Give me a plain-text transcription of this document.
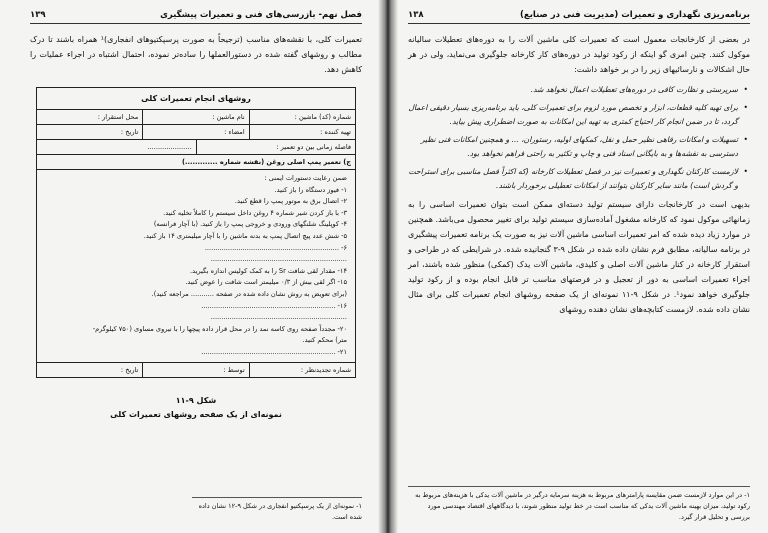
فصل نهم- بازرسی‌های فنی و تعمیرات پیشگیری
۱۳۹

تعمیرات کلی، با نقشه‌های مناسب (ترجیحاً به صورت پرسپکتیوهای انفجاری)¹ همراه باشند تا درک مطالب و روشهای گفته شده در دستورالعملها را ساده‌تر نموده، احتمال اشتباه در اجراء عملیات را کاهش دهد.

روشهای انجام تعمیرات کلی
شماره (کد) ماشین :
نام ماشین :
محل استقرار :
تهیه کننده :
امضاء :
تاریخ :
فاصله زمانی بین دو تعمیر :
.....................
ج) تعمیر پمپ اصلی روغن (نقشه شماره .............)
ضمن رعایت دستورات ایمنی :
۱- فیوز دستگاه را باز کنید.
۲- اتصال برق به موتور پمپ را قطع کنید.
۳- با باز کردن شیر شماره ۴ روغن داخل سیستم را کاملاً تخلیه کنید.
۴- کوپلینگ شلنگهای ورودی و خروجی پمپ را باز کنید. (با آچار فرانسه)
۵- شش عدد پیچ اتصال پمپ به بدنه ماشین را با آچار میلیمتری ۱۴ باز کنید.
۶- ................................................................
.................................................................
۱۴- مقدار لقی شافت Sr را به کمک کولیس اندازه بگیرید.
۱۵- اگر لقی بیش از ۰/۳ میلیمتر است شافت را عوض کنید.
(برای تعویض به روش نشان داده شده در صفحه ........... مراجعه کنید).
۱۶- ................................................................
.................................................................
۲۰- مجدداً صفحه روی کاسه نمد را در محل قرار داده پیچها را با نیروی مساوی (۷۵۰ کیلوگرم-
متر) محکم کنید.
۲۱- ................................................................
شماره تجدیدنظر :
توسط :
تاریخ :
شکل ۹-۱۱
نمونه‌ای از یک صفحه روشهای تعمیرات کلی
۱- نمونه‌ای از یک پرسپکتیو انفجاری در شکل ۹-۱۲ نشان داده شده است.
برنامه‌ریزی نگهداری و تعمیرات (مدیریت فنی در صنایع)
۱۳۸

در بعضی از کارخانجات معمول است که تعمیرات کلی ماشین آلات را به دوره‌های تعطیلات سالیانه موکول کنند. چنین امری گو اینکه از رکود تولید در دوره‌های کار کارخانه جلوگیری می‌نماید، ولی در هر حال اشکالات و نارسائیهای زیر را در بر خواهد داشت:

• سرپرستی و نظارت کافی در دوره‌های تعطیلات اعمال نخواهد شد.
• برای تهیه کلیه قطعات، ابزار و تخصص مورد لزوم برای تعمیرات کلی، باید برنامه‌ریزی بسیار دقیقی اعمال گردد، تا در ضمن انجام کار احتیاج کمتری به تهیه این امکانات به صورت اضطراری پیش بیاید.
• تسهیلات و امکانات رفاهی نظیر حمل و نقل، کمکهای اولیه، رستوران، ... و همچنین امکانات فنی نظیر دسترسی به نقشه‌ها و به بایگانی اسناد فنی و چاپ و تکثیر به راحتی فراهم نخواهد بود.
• لازمست کارکنان نگهداری و تعمیرات نیز در فصل تعطیلات کارخانه (که اکثراً فصل مناسبی برای استراحت و گردش است) مانند سایر کارکنان بتوانند از امکانات تعطیلی برخوردار باشند.

بدیهی است در کارخانجات دارای سیستم تولید دسته‌ای ممکن است بتوان تعمیرات اساسی را به زمانهائی موکول نمود که کارخانه مشغول آماده‌سازی سیستم تولید برای تغییر محصول می‌باشد. همچنین در موارد زیاد دیده شده که امر تعمیرات اساسی ماشین آلات نیز به صورت یک برنامه تعمیرات پیشگیری در برنامه سالیانه، مطابق فرم نشان داده شده در شکل ۹-۳ گنجانیده شده. در شرایطی که در طراحی و استقرار کارخانه در کنار ماشین آلات اصلی و کلیدی، ماشین آلات یدک (کمکی) منظور شده باشند، امر اجراء تعمیرات اساسی به دور از تعجیل و در فرصتهای مناسب تر قابل انجام بوده و از رکود تولید جلوگیری خواهد نمود¹. در شکل ۹-۱۱ نمونه‌ای از یک صفحه روشهای انجام تعمیرات کلی برای مثال نشان داده شده. لازمست کتابچه‌های نشان دهنده روشهای

۱- در این موارد لازمست ضمن مقایسه پارامترهای مربوط به هزینه سرمایه درگیر در ماشین آلات یدکی با هزینه‌های مربوط به رکود تولید، میزان بهینه ماشین آلات یدکی که مناسب است در خط تولید منظور شوند، با دیدگاههای اقتصاد مهندسی مورد بررسی و تحلیل قرار گیرد.
